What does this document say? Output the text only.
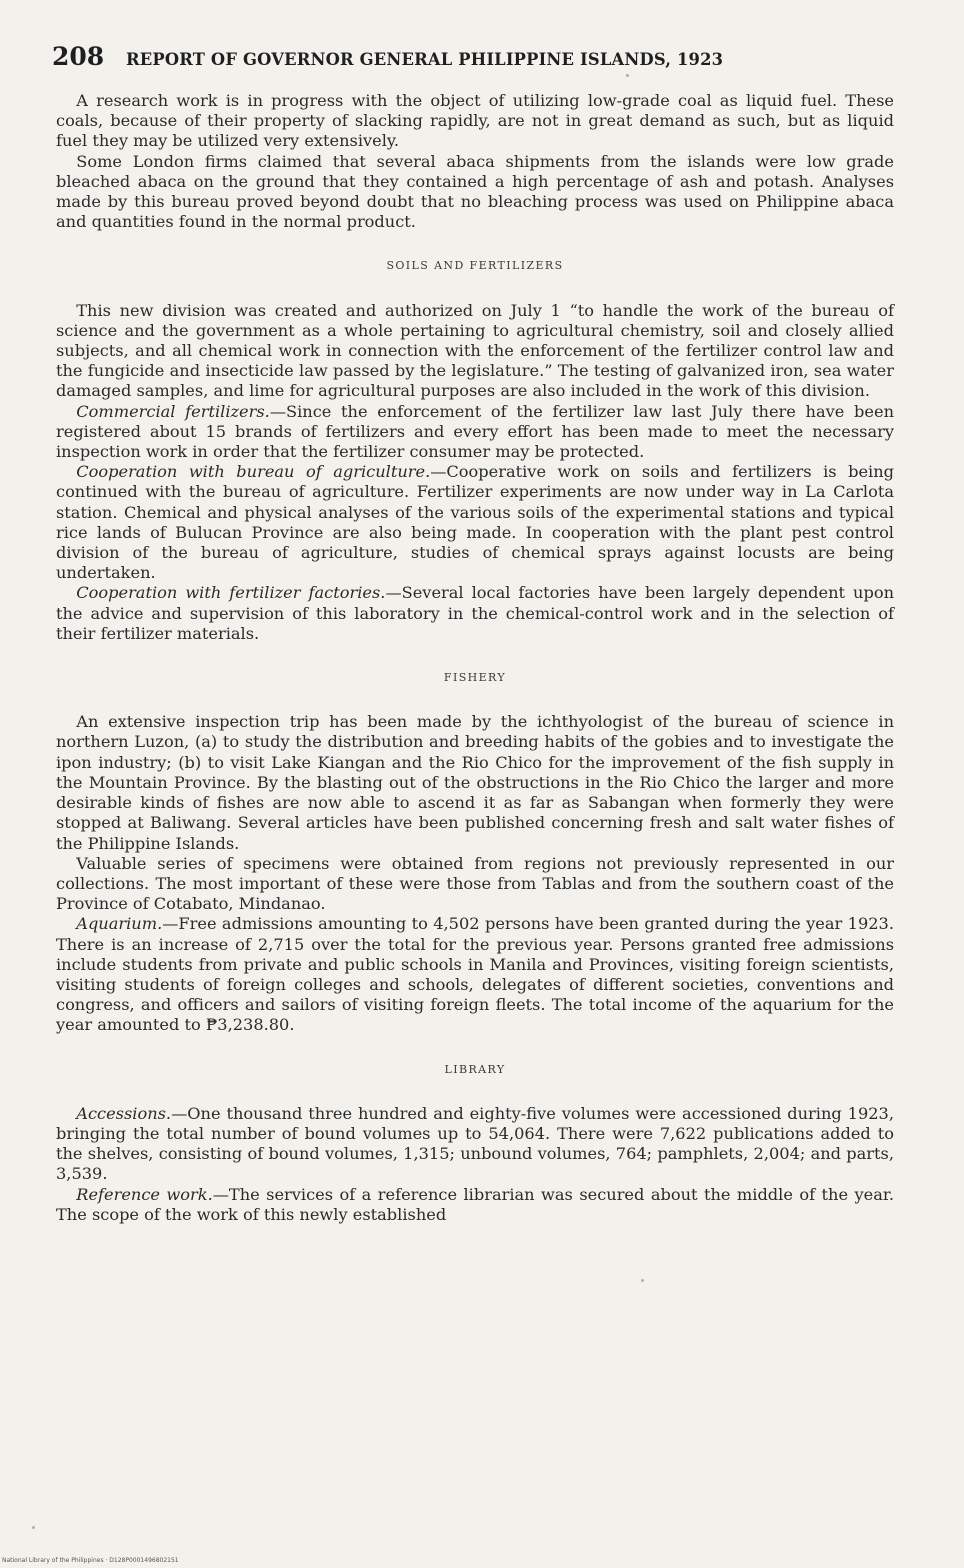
208 REPORT OF GOVERNOR GENERAL PHILIPPINE ISLANDS, 1923

A research work is in progress with the object of utilizing low-grade coal as liquid fuel. These coals, because of their property of slacking rapidly, are not in great demand as such, but as liquid fuel they may be utilized very extensively.

Some London firms claimed that several abaca shipments from the islands were low grade bleached abaca on the ground that they contained a high percentage of ash and potash. Analyses made by this bureau proved beyond doubt that no bleaching process was used on Philippine abaca and quantities found in the normal product.

SOILS AND FERTILIZERS

This new division was created and authorized on July 1 “to handle the work of the bureau of science and the government as a whole pertaining to agricultural chemistry, soil and closely allied subjects, and all chemical work in connection with the enforcement of the fertilizer control law and the fungicide and insecticide law passed by the legislature.” The testing of galvanized iron, sea water damaged samples, and lime for agricultural purposes are also included in the work of this division.

Commercial fertilizers.—Since the enforcement of the fertilizer law last July there have been registered about 15 brands of fertilizers and every effort has been made to meet the necessary inspection work in order that the fertilizer consumer may be protected.

Cooperation with bureau of agriculture.—Cooperative work on soils and fertilizers is being continued with the bureau of agriculture. Fertilizer experiments are now under way in La Carlota station. Chemical and physical analyses of the various soils of the experimental stations and typical rice lands of Bulucan Province are also being made. In cooperation with the plant pest control division of the bureau of agriculture, studies of chemical sprays against locusts are being undertaken.

Cooperation with fertilizer factories.—Several local factories have been largely dependent upon the advice and supervision of this laboratory in the chemical-control work and in the selection of their fertilizer materials.

FISHERY

An extensive inspection trip has been made by the ichthyologist of the bureau of science in northern Luzon, (a) to study the distribution and breeding habits of the gobies and to investigate the ipon industry; (b) to visit Lake Kiangan and the Rio Chico for the improvement of the fish supply in the Mountain Province. By the blasting out of the obstructions in the Rio Chico the larger and more desirable kinds of fishes are now able to ascend it as far as Sabangan when formerly they were stopped at Baliwang. Several articles have been published concerning fresh and salt water fishes of the Philippine Islands.

Valuable series of specimens were obtained from regions not previously represented in our collections. The most important of these were those from Tablas and from the southern coast of the Province of Cotabato, Mindanao.

Aquarium.—Free admissions amounting to 4,502 persons have been granted during the year 1923. There is an increase of 2,715 over the total for the previous year. Persons granted free admissions include students from private and public schools in Manila and Provinces, visiting foreign scientists, visiting students of foreign colleges and schools, delegates of different societies, conventions and congress, and officers and sailors of visiting foreign fleets. The total income of the aquarium for the year amounted to ₱3,238.80.

LIBRARY

Accessions.—One thousand three hundred and eighty-five volumes were accessioned during 1923, bringing the total number of bound volumes up to 54,064. There were 7,622 publications added to the shelves, consisting of bound volumes, 1,315; unbound volumes, 764; pamphlets, 2,004; and parts, 3,539.

Reference work.—The services of a reference librarian was secured about the middle of the year. The scope of the work of this newly established

National Library of the Philippines · D128P0001496802151
